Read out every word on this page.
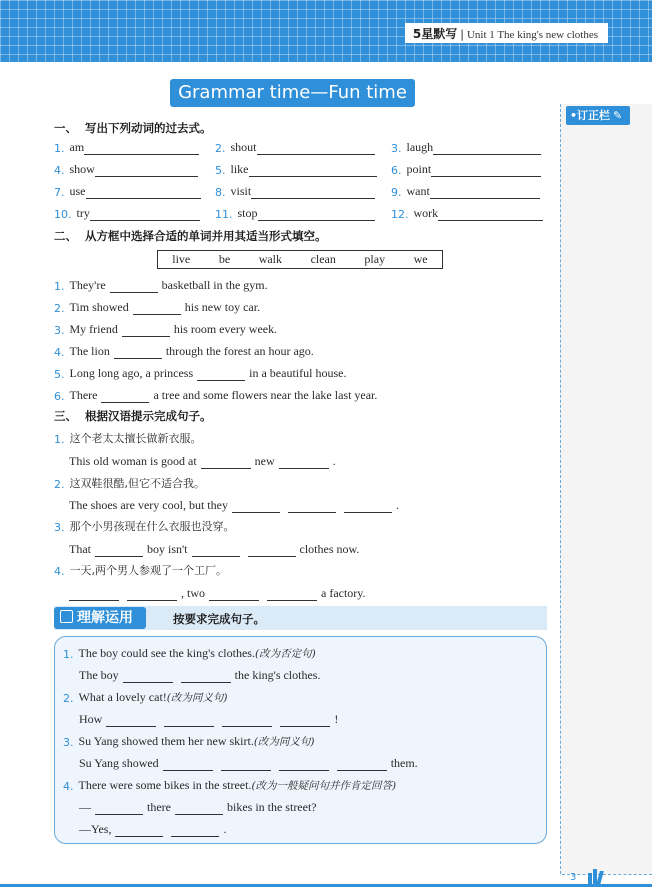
5星默写 | Unit 1 The king's new clothes
•订正栏 ✎
Grammar time—Fun time
一、 写出下列动词的过去式。
1. am	2. shout	3. laugh
4. show	5. like	6. point
7. use	8. visit	9. want
10. try	11. stop	12. work
二、 从方框中选择合适的单词并用其适当形式填空。
live be walk clean play we
1. They're	basketball in the gym.
2. Tim showed	his new toy car.
3. My friend	his room every week.
4. The lion	through the forest an hour ago.
5. Long long ago, a princess	in a beautiful house.
6. There	a tree and some flowers near the lake last year.
三、 根据汉语提示完成句子。
1. 这个老太太擅长做新衣服。
This old woman is good at	new	.
2. 这双鞋很酷,但它不适合我。
The shoes are very cool, but they	.
3. 那个小男孩现在什么衣服也没穿。
That	boy isn't	clothes now.
4. 一天,两个男人参观了一个工厂。
, two	a factory.
理解运用	按要求完成句子。
1. The boy could see the king's clothes. (改为否定句)
The boy	the king's clothes.
2. What a lovely cat! (改为同义句)
How	!
3. Su Yang showed them her new skirt. (改为同义句)
Su Yang showed	them.
4. There were some bikes in the street. (改为一般疑问句并作肯定回答)
—	there	bikes in the street?
—Yes,	.
3
